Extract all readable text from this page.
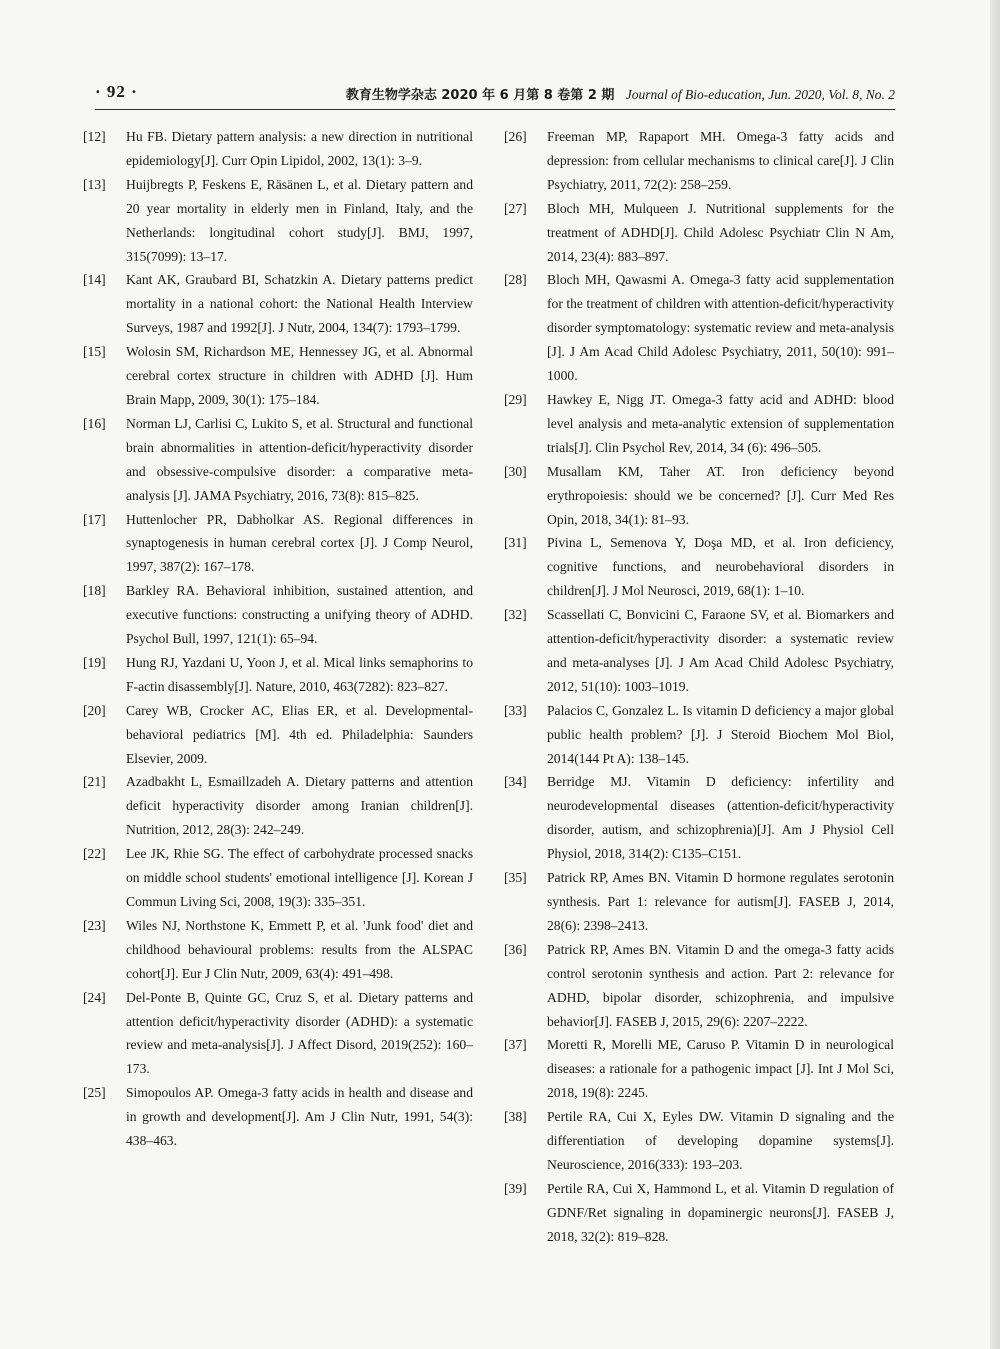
· 92 ·	教育生物学杂志 2020 年 6 月第 8 卷第 2 期 Journal of Bio-education, Jun. 2020, Vol. 8, No. 2

[12] Hu FB. Dietary pattern analysis: a new direction in nutritional epidemiology[J]. Curr Opin Lipidol, 2002, 13(1): 3–9.

[13] Huijbregts P, Feskens E, Räsänen L, et al. Dietary pattern and 20 year mortality in elderly men in Finland, Italy, and the Netherlands: longitudinal cohort study[J]. BMJ, 1997, 315(7099): 13–17.

[14] Kant AK, Graubard BI, Schatzkin A. Dietary patterns predict mortality in a national cohort: the National Health Interview Surveys, 1987 and 1992[J]. J Nutr, 2004, 134(7): 1793–1799.

[15] Wolosin SM, Richardson ME, Hennessey JG, et al. Abnormal cerebral cortex structure in children with ADHD [J]. Hum Brain Mapp, 2009, 30(1): 175–184.

[16] Norman LJ, Carlisi C, Lukito S, et al. Structural and functional brain abnormalities in attention-deficit/hyperactivity disorder and obsessive-compulsive disorder: a comparative meta-analysis [J]. JAMA Psychiatry, 2016, 73(8): 815–825.

[17] Huttenlocher PR, Dabholkar AS. Regional differences in synaptogenesis in human cerebral cortex [J]. J Comp Neurol, 1997, 387(2): 167–178.

[18] Barkley RA. Behavioral inhibition, sustained attention, and executive functions: constructing a unifying theory of ADHD. Psychol Bull, 1997, 121(1): 65–94.

[19] Hung RJ, Yazdani U, Yoon J, et al. Mical links semaphorins to F-actin disassembly[J]. Nature, 2010, 463(7282): 823–827.

[20] Carey WB, Crocker AC, Elias ER, et al. Developmental-behavioral pediatrics [M]. 4th ed. Philadelphia: Saunders Elsevier, 2009.

[21] Azadbakht L, Esmaillzadeh A. Dietary patterns and attention deficit hyperactivity disorder among Iranian children[J]. Nutrition, 2012, 28(3): 242–249.

[22] Lee JK, Rhie SG. The effect of carbohydrate processed snacks on middle school students' emotional intelligence [J]. Korean J Commun Living Sci, 2008, 19(3): 335–351.

[23] Wiles NJ, Northstone K, Emmett P, et al. 'Junk food' diet and childhood behavioural problems: results from the ALSPAC cohort[J]. Eur J Clin Nutr, 2009, 63(4): 491–498.

[24] Del-Ponte B, Quinte GC, Cruz S, et al. Dietary patterns and attention deficit/hyperactivity disorder (ADHD): a systematic review and meta-analysis[J]. J Affect Disord, 2019(252): 160–173.

[25] Simopoulos AP. Omega-3 fatty acids in health and disease and in growth and development[J]. Am J Clin Nutr, 1991, 54(3): 438–463.

[26] Freeman MP, Rapaport MH. Omega-3 fatty acids and depression: from cellular mechanisms to clinical care[J]. J Clin Psychiatry, 2011, 72(2): 258–259.

[27] Bloch MH, Mulqueen J. Nutritional supplements for the treatment of ADHD[J]. Child Adolesc Psychiatr Clin N Am, 2014, 23(4): 883–897.

[28] Bloch MH, Qawasmi A. Omega-3 fatty acid supplementation for the treatment of children with attention-deficit/hyperactivity disorder symptomatology: systematic review and meta-analysis [J]. J Am Acad Child Adolesc Psychiatry, 2011, 50(10): 991–1000.

[29] Hawkey E, Nigg JT. Omega-3 fatty acid and ADHD: blood level analysis and meta-analytic extension of supplementation trials[J]. Clin Psychol Rev, 2014, 34 (6): 496–505.

[30] Musallam KM, Taher AT. Iron deficiency beyond erythropoiesis: should we be concerned? [J]. Curr Med Res Opin, 2018, 34(1): 81–93.

[31] Pivina L, Semenova Y, Doşa MD, et al. Iron deficiency, cognitive functions, and neurobehavioral disorders in children[J]. J Mol Neurosci, 2019, 68(1): 1–10.

[32] Scassellati C, Bonvicini C, Faraone SV, et al. Biomarkers and attention-deficit/hyperactivity disorder: a systematic review and meta-analyses [J]. J Am Acad Child Adolesc Psychiatry, 2012, 51(10): 1003–1019.

[33] Palacios C, Gonzalez L. Is vitamin D deficiency a major global public health problem? [J]. J Steroid Biochem Mol Biol, 2014(144 Pt A): 138–145.

[34] Berridge MJ. Vitamin D deficiency: infertility and neurodevelopmental diseases (attention-deficit/hyperactivity disorder, autism, and schizophrenia)[J]. Am J Physiol Cell Physiol, 2018, 314(2): C135–C151.

[35] Patrick RP, Ames BN. Vitamin D hormone regulates serotonin synthesis. Part 1: relevance for autism[J]. FASEB J, 2014, 28(6): 2398–2413.

[36] Patrick RP, Ames BN. Vitamin D and the omega-3 fatty acids control serotonin synthesis and action. Part 2: relevance for ADHD, bipolar disorder, schizophrenia, and impulsive behavior[J]. FASEB J, 2015, 29(6): 2207–2222.

[37] Moretti R, Morelli ME, Caruso P. Vitamin D in neurological diseases: a rationale for a pathogenic impact [J]. Int J Mol Sci, 2018, 19(8): 2245.

[38] Pertile RA, Cui X, Eyles DW. Vitamin D signaling and the differentiation of developing dopamine systems[J]. Neuroscience, 2016(333): 193–203.

[39] Pertile RA, Cui X, Hammond L, et al. Vitamin D regulation of GDNF/Ret signaling in dopaminergic neurons[J]. FASEB J, 2018, 32(2): 819–828.
